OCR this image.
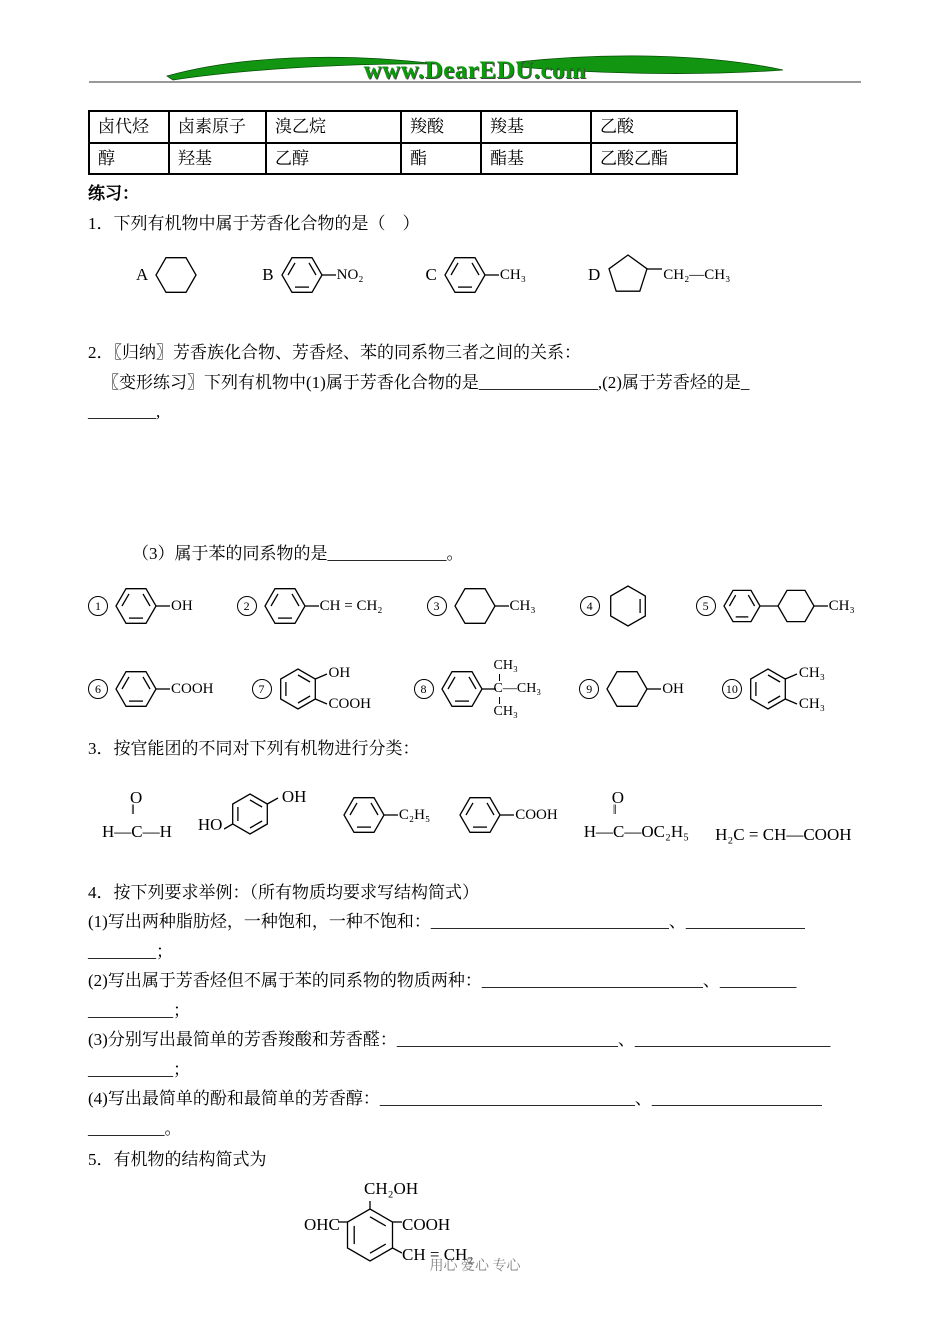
www.DearEDU.com
卤代烃	卤素原子	溴乙烷	羧酸	羧基	乙酸
醇	羟基	乙醇	酯	酯基	乙酸乙酯
练习：
1．下列有机物中属于芳香化合物的是（　）
A	B	NO₂	C	CH₃	D	CH₂—CH₃
2．〖归纳〗芳香族化合物、芳香烃、苯的同系物三者之间的关系：
〖变形练习〗下列有机物中(1)属于芳香化合物的是______________,(2)属于芳香烃的是_
________,
（3）属于苯的同系物的是______________。
1	OH	2	CH = CH₂	3	CH₃	4	5	CH₃
6	COOH	7
OH
COOH
8
CH₃
C—CH₃
CH₃
9	OH	10
CH₃
CH₃
3．按官能团的不同对下列有机物进行分类：
O
‖
H—C—H HO
OH
C₂H₅	COOH
O
‖
H—C—OC₂H₅ H₂C = CH—COOH
4．按下列要求举例：（所有物质均要求写结构简式）
(1)写出两种脂肪烃，一种饱和，一种不饱和：____________________________、______________
________；
(2)写出属于芳香烃但不属于苯的同系物的物质两种：__________________________、_________
__________；
(3)分别写出最简单的芳香羧酸和芳香醛：__________________________、_______________________
__________；
(4)写出最简单的酚和最简单的芳香醇：______________________________、____________________
_________。
5．有机物的结构简式为
CH₂OH
OHC	COOH
CH = CH₂
用心 爱心 专心
